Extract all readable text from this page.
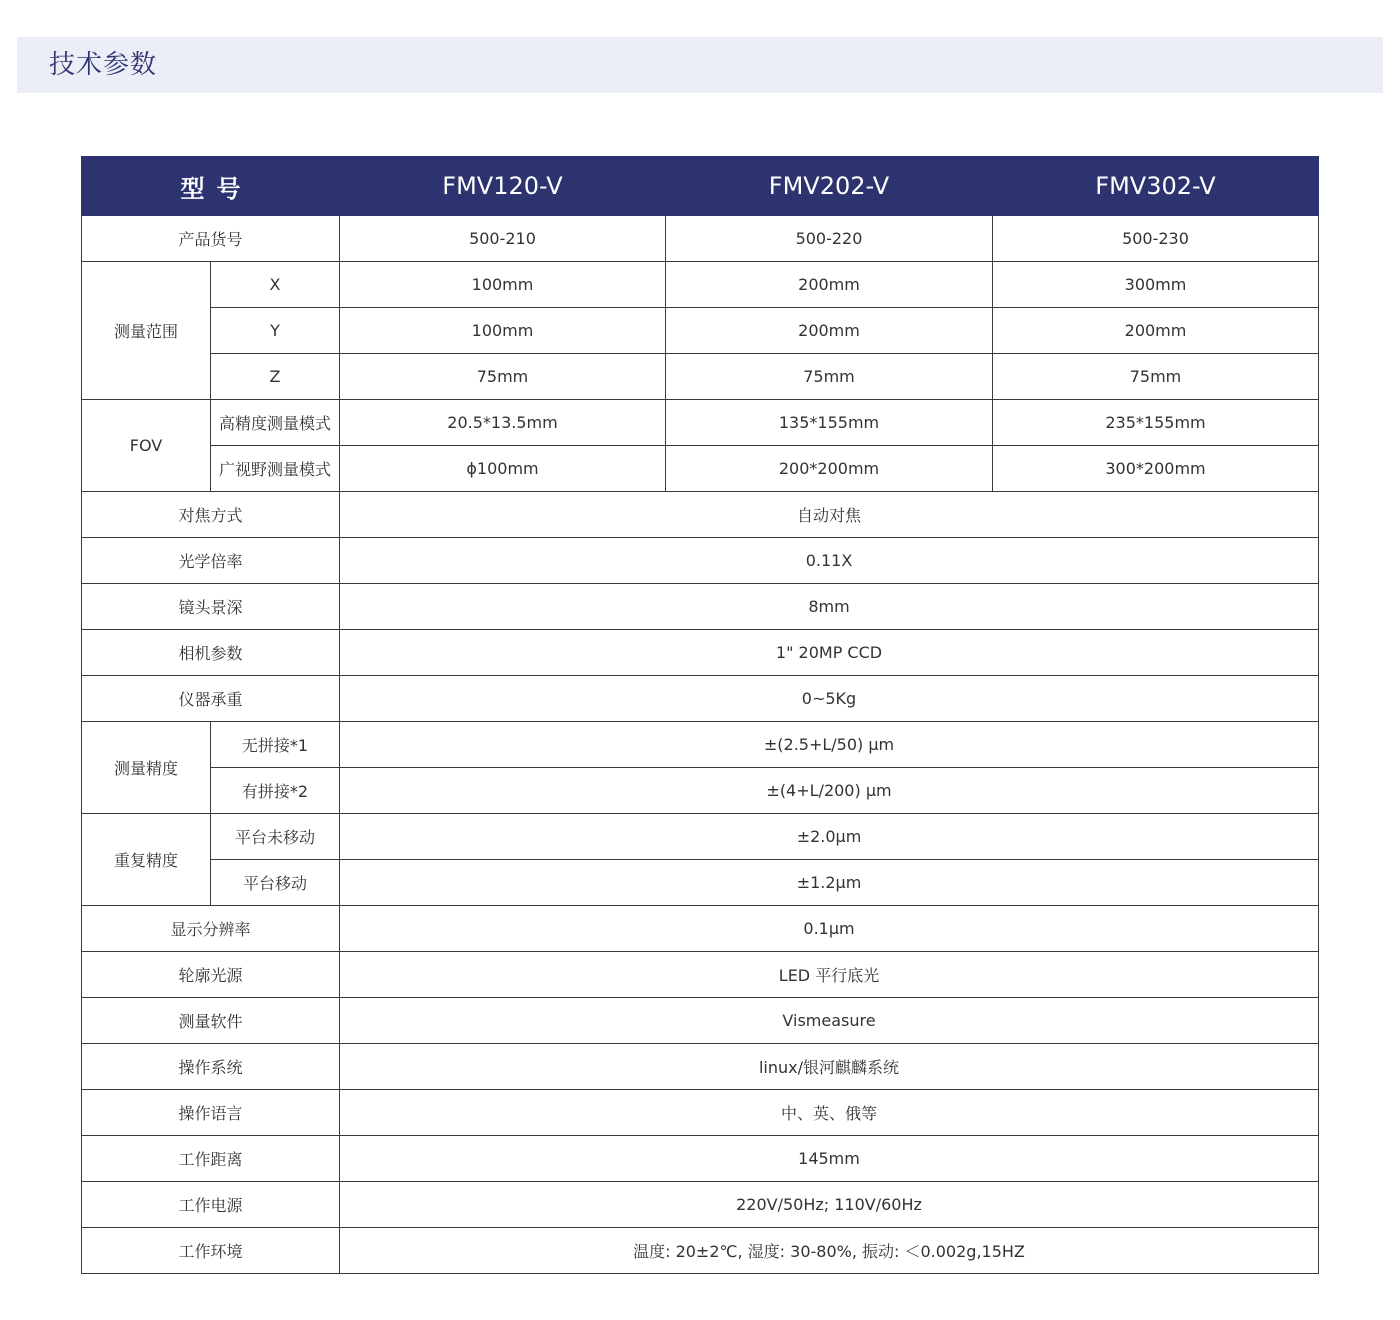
技术参数
型号		FMV120-V	FMV202-V	FMV302-V
产品货号		500-210	500-220	500-230
测量范围	X	100mm	200mm	300mm
	Y	100mm	200mm	200mm
	Z	75mm	75mm	75mm
FOV	高精度测量模式	20.5*13.5mm	135*155mm	235*155mm
	广视野测量模式	ϕ100mm	200*200mm	300*200mm
对焦方式		自动对焦		
光学倍率		0.11X		
镜头景深		8mm		
相机参数		1" 20MP CCD		
仪器承重		0~5Kg		
测量精度	无拼接*1	±(2.5+L/50) μm		
	有拼接*2	±(4+L/200) μm		
重复精度	平台未移动	±2.0μm		
	平台移动	±1.2μm		
显示分辨率		0.1μm		
轮廓光源		LED 平行底光		
测量软件		Vismeasure		
操作系统		linux/银河麒麟系统		
操作语言		中、英、俄等		
工作距离		145mm		
工作电源		220V/50Hz; 110V/60Hz		
工作环境		温度: 20±2℃, 湿度: 30-80%, 振动: ＜0.002g,15HZ		
